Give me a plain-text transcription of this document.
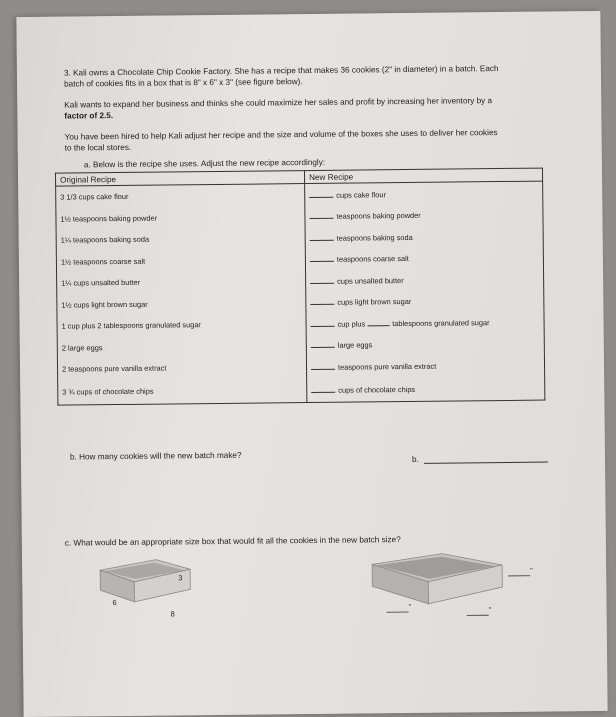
3. Kali owns a Chocolate Chip Cookie Factory. She has a recipe that makes 36 cookies (2" in diameter) in a batch. Each

batch of cookies fits in a box that is 8" x 6" x 3" (see figure below).

Kali wants to expand her business and thinks she could maximize her sales and profit by increasing her inventory by a

factor of 2.5.

You have been hired to help Kali adjust her recipe and the size and volume of the boxes she uses to deliver her cookies

to the local stores.

a. Below is the recipe she uses. Adjust the new recipe accordingly:

Original Recipe	New Recipe
3 1/3 cups cake flour	cups cake flour
1½ teaspoons baking powder	teaspoons baking powder
1¼ teaspoons baking soda	teaspoons baking soda
1½ teaspoons coarse salt	teaspoons coarse salt
1¼ cups unsalted butter	cups unsalted butter
1½ cups light brown sugar	cups light brown sugar
1 cup plus 2 tablespoons granulated sugar	cup plus tablespoons granulated sugar
2 large eggs	large eggs
2 teaspoons pure vanilla extract	teaspoons pure vanilla extract
3 ¾ cups of chocolate chips	cups of chocolate chips

b. How many cookies will the new batch make?	b.

c. What would be an appropriate size box that would fit all the cookies in the new batch size?

3
6
8
"
"	"
